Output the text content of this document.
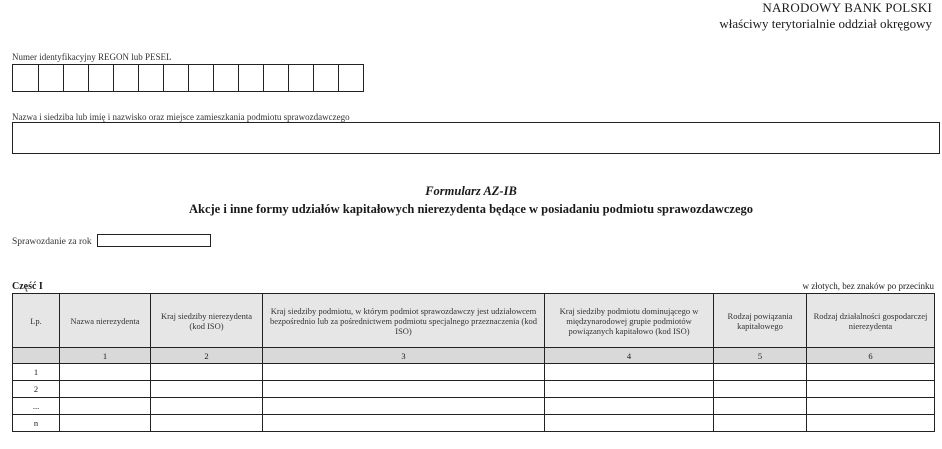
NARODOWY BANK POLSKI
właściwy terytorialnie oddział okręgowy
Numer identyfikacyjny REGON lub PESEL
Nazwa i siedziba lub imię i nazwisko oraz miejsce zamieszkania podmiotu sprawozdawczego
Formularz AZ-IB
Akcje i inne formy udziałów kapitałowych nierezydenta będące w posiadaniu podmiotu sprawozdawczego
Sprawozdanie za rok
Część I	w złotych, bez znaków po przecinku
Lp.	Nazwa nierezydenta	Kraj siedziby nierezydenta (kod ISO)	Kraj siedziby podmiotu, w którym podmiot sprawozdawczy jest udziałowcem bezpośrednio lub za pośrednictwem podmiotu specjalnego przeznaczenia (kod ISO)	Kraj siedziby podmiotu dominującego w międzynarodowej grupie podmiotów powiązanych kapitałowo (kod ISO)	Rodzaj powiązania kapitałowego	Rodzaj działalności gospodarczej nierezydenta
	1	2	3	4	5	6
1						
2						
...						
n						
